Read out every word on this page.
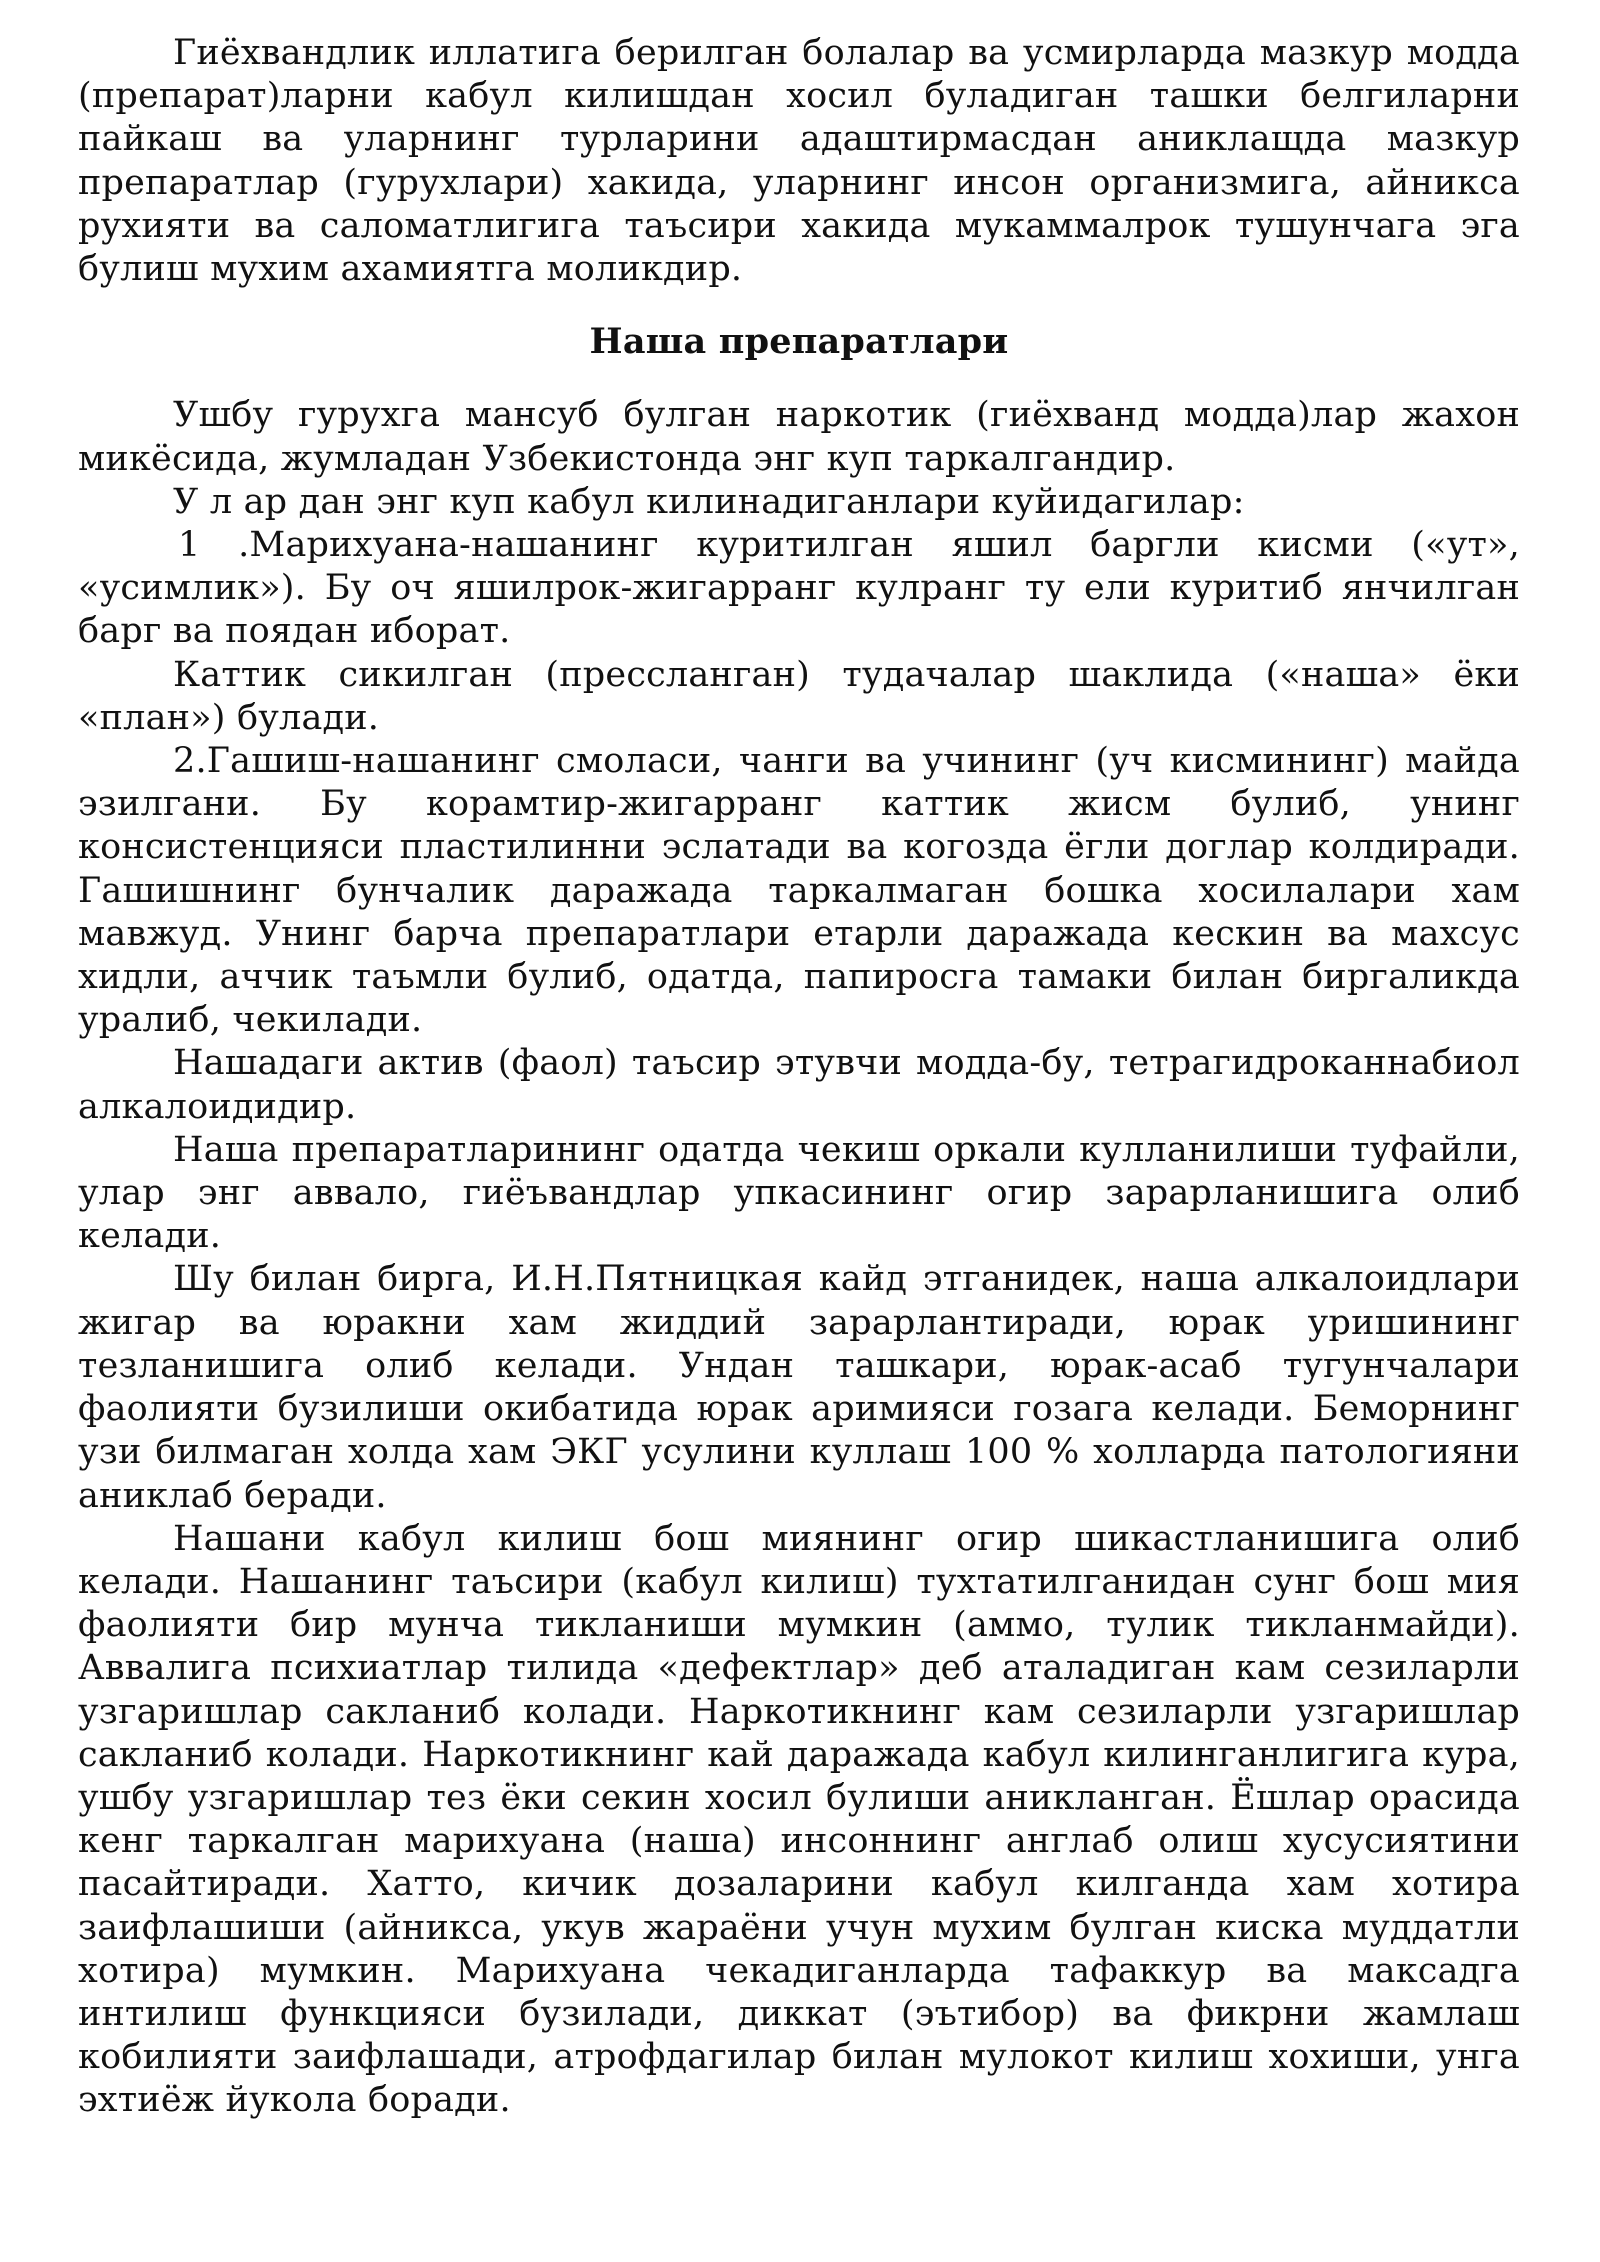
Гиёхвандлик иллатига берилган болалар ва усмирларда мазкур модда (препарат)ларни кабул килишдан хосил буладиган ташки белгиларни пайкаш ва уларнинг турларини адаштирмасдан аниклащда мазкур препаратлар (гурухлари) хакида, уларнинг инсон организмига, айникса рухияти ва саломатлигига таъсири хакида мукаммалрок тушунчага эга булиш мухим ахамиятга моликдир.

Наша препаратлари

Ушбу гурухга мансуб булган наркотик (гиёхванд модда)лар жахон микёсида, жумладан Узбекистонда энг куп таркалгандир.

У л ар дан энг куп кабул килинадиганлари куйидагилар:

1 .Марихуана-нашанинг куритилган яшил баргли кисми («ут», «усимлик»). Бу оч яшилрок-жигарранг кулранг ту ели куритиб янчилган барг ва поядан иборат.

Каттик сикилган (прессланган) тудачалар шаклида («наша» ёки «план») булади.

2.Гашиш-нашанинг смоласи, чанги ва учининг (уч кисмининг) майда эзилгани. Бу корамтир-жигарранг каттик жисм булиб, унинг консистенцияси пластилинни эслатади ва когозда ёгли доглар колдиради. Гашишнинг бунчалик даражада таркалмаган бошка хосилалари хам мавжуд. Унинг барча препаратлари етарли даражада кескин ва махсус хидли, аччик таъмли булиб, одатда, папиросга тамаки билан биргаликда уралиб, чекилади.

Нашадаги актив (фаол) таъсир этувчи модда-бу, тетрагидроканнабиол алкалоидидир.

Наша препаратларининг одатда чекиш оркали кулланилиши туфайли, улар энг аввало, гиёъвандлар упкасининг огир зарарланишига олиб келади.

Шу билан бирга, И.Н.Пятницкая кайд этганидек, наша алкалоидлари жигар ва юракни хам жиддий зарарлантиради, юрак уришининг тезланишига олиб келади. Ундан ташкари, юрак-асаб тугунчалари фаолияти бузилиши окибатида юрак аримияси гозага келади. Беморнинг узи билмаган холда хам ЭКГ усулини куллаш 100 % холларда патологияни аниклаб беради.

Нашани кабул килиш бош миянинг огир шикастланишига олиб келади. Нашанинг таъсири (кабул килиш) тухтатилганидан сунг бош мия фаолияти бир мунча тикланиши мумкин (аммо, тулик тикланмайди). Аввалига психиатлар тилида «дефектлар» деб аталадиган кам сезиларли узгаришлар сакланиб колади. Наркотикнинг кам сезиларли узгаришлар сакланиб колади. Наркотикнинг кай даражада кабул килинганлигига кура, ушбу узгаришлар тез ёки секин хосил булиши аникланган. Ёшлар орасида кенг таркалган марихуана (наша) инсоннинг англаб олиш хусусиятини пасайтиради. Хатто, кичик дозаларини кабул килганда хам хотира заифлашиши (айникса, укув жараёни учун мухим булган киска муддатли хотира) мумкин. Марихуана чекадиганларда тафаккур ва максадга интилиш функцияси бузилади, диккат (эътибор) ва фикрни жамлаш кобилияти заифлашади, атрофдагилар билан мулокот килиш хохиши, унга эхтиёж йукола боради.
